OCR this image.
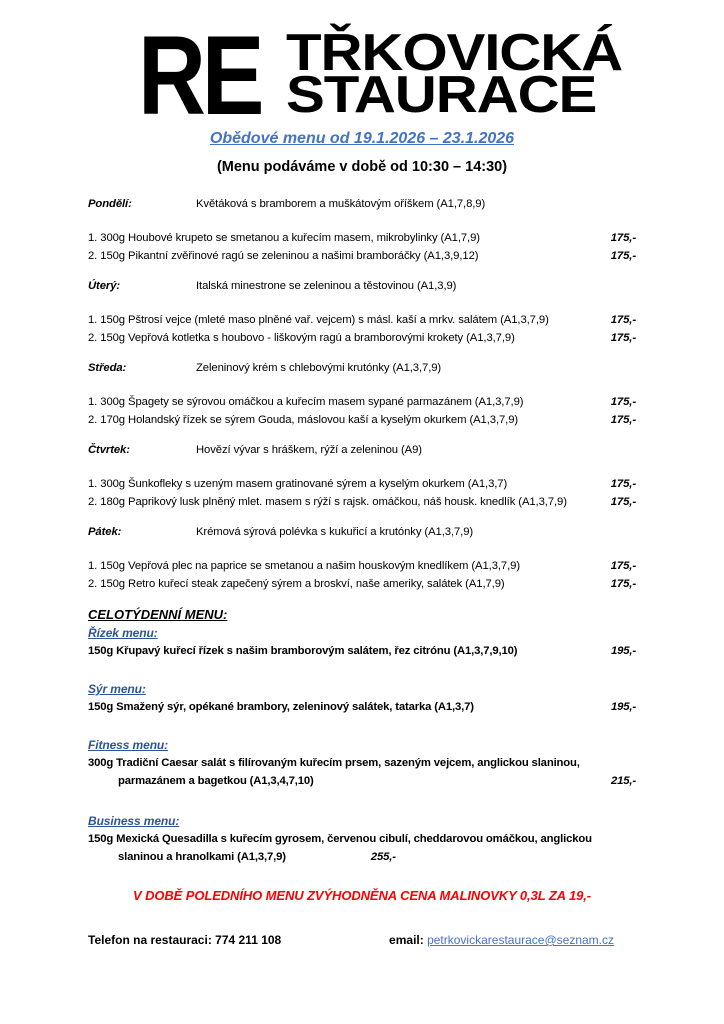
RE TŘKOVICKÁ
STAURACE
Obědové menu od 19.1.2026 – 23.1.2026
(Menu podáváme v době od 10:30 – 14:30)
Pondělí:	Květáková s bramborem a muškátovým oříškem (A1,7,8,9)
1. 300g Houbové krupeto se smetanou a kuřecím masem, mikrobylinky (A1,7,9)	175,-
2. 150g Pikantní zvěřinové ragú se zeleninou a našimi bramboráčky (A1,3,9,12)	175,-
Úterý:	Italská minestrone se zeleninou a těstovinou (A1,3,9)
1. 150g Pštrosí vejce (mleté maso plněné vař. vejcem) s másl. kaší a mrkv. salátem (A1,3,7,9)	175,-
2. 150g Vepřová kotletka s houbovo - liškovým ragú a bramborovými krokety (A1,3,7,9)	175,-
Středa:	Zeleninový krém s chlebovými krutónky (A1,3,7,9)
1. 300g Špagety se sýrovou omáčkou a kuřecím masem sypané parmazánem (A1,3,7,9)	175,-
2. 170g Holandský řízek se sýrem Gouda, máslovou kaší a kyselým okurkem (A1,3,7,9)	175,-
Čtvrtek:	Hovězí vývar s hráškem, rýží a zeleninou (A9)
1. 300g Šunkofleky s uzeným masem gratinované sýrem a kyselým okurkem (A1,3,7)	175,-
2. 180g Paprikový lusk plněný mlet. masem s rýží s rajsk. omáčkou, náš housk. knedlík (A1,3,7,9)	175,-
Pátek:	Krémová sýrová polévka s kukuřicí a krutónky (A1,3,7,9)
1. 150g Vepřová plec na paprice se smetanou a našim houskovým knedlíkem (A1,3,7,9)	175,-
2. 150g Retro kuřecí steak zapečený sýrem a broskví, naše ameriky, salátek (A1,7,9)	175,-
CELOTÝDENNÍ MENU:
Řízek menu:
150g Křupavý kuřecí řízek s našim bramborovým salátem, řez citrónu (A1,3,7,9,10)	195,-
Sýr menu:
150g Smažený sýr, opékané brambory, zeleninový salátek, tatarka (A1,3,7)	195,-
Fitness menu:
300g Tradiční Caesar salát s filírovaným kuřecím prsem, sazeným vejcem, anglickou slaninou,
parmazánem a bagetkou (A1,3,4,7,10)	215,-
Business menu:
150g Mexická Quesadilla s kuřecím gyrosem, červenou cibulí, cheddarovou omáčkou, anglickou
slaninou a hranolkami (A1,3,7,9)	255,-
V DOBĚ POLEDNÍHO MENU ZVÝHODNĚNA CENA MALINOVKY 0,3L ZA 19,-
Telefon na restauraci: 774 211 108	email: petrkovickarestaurace@seznam.cz
